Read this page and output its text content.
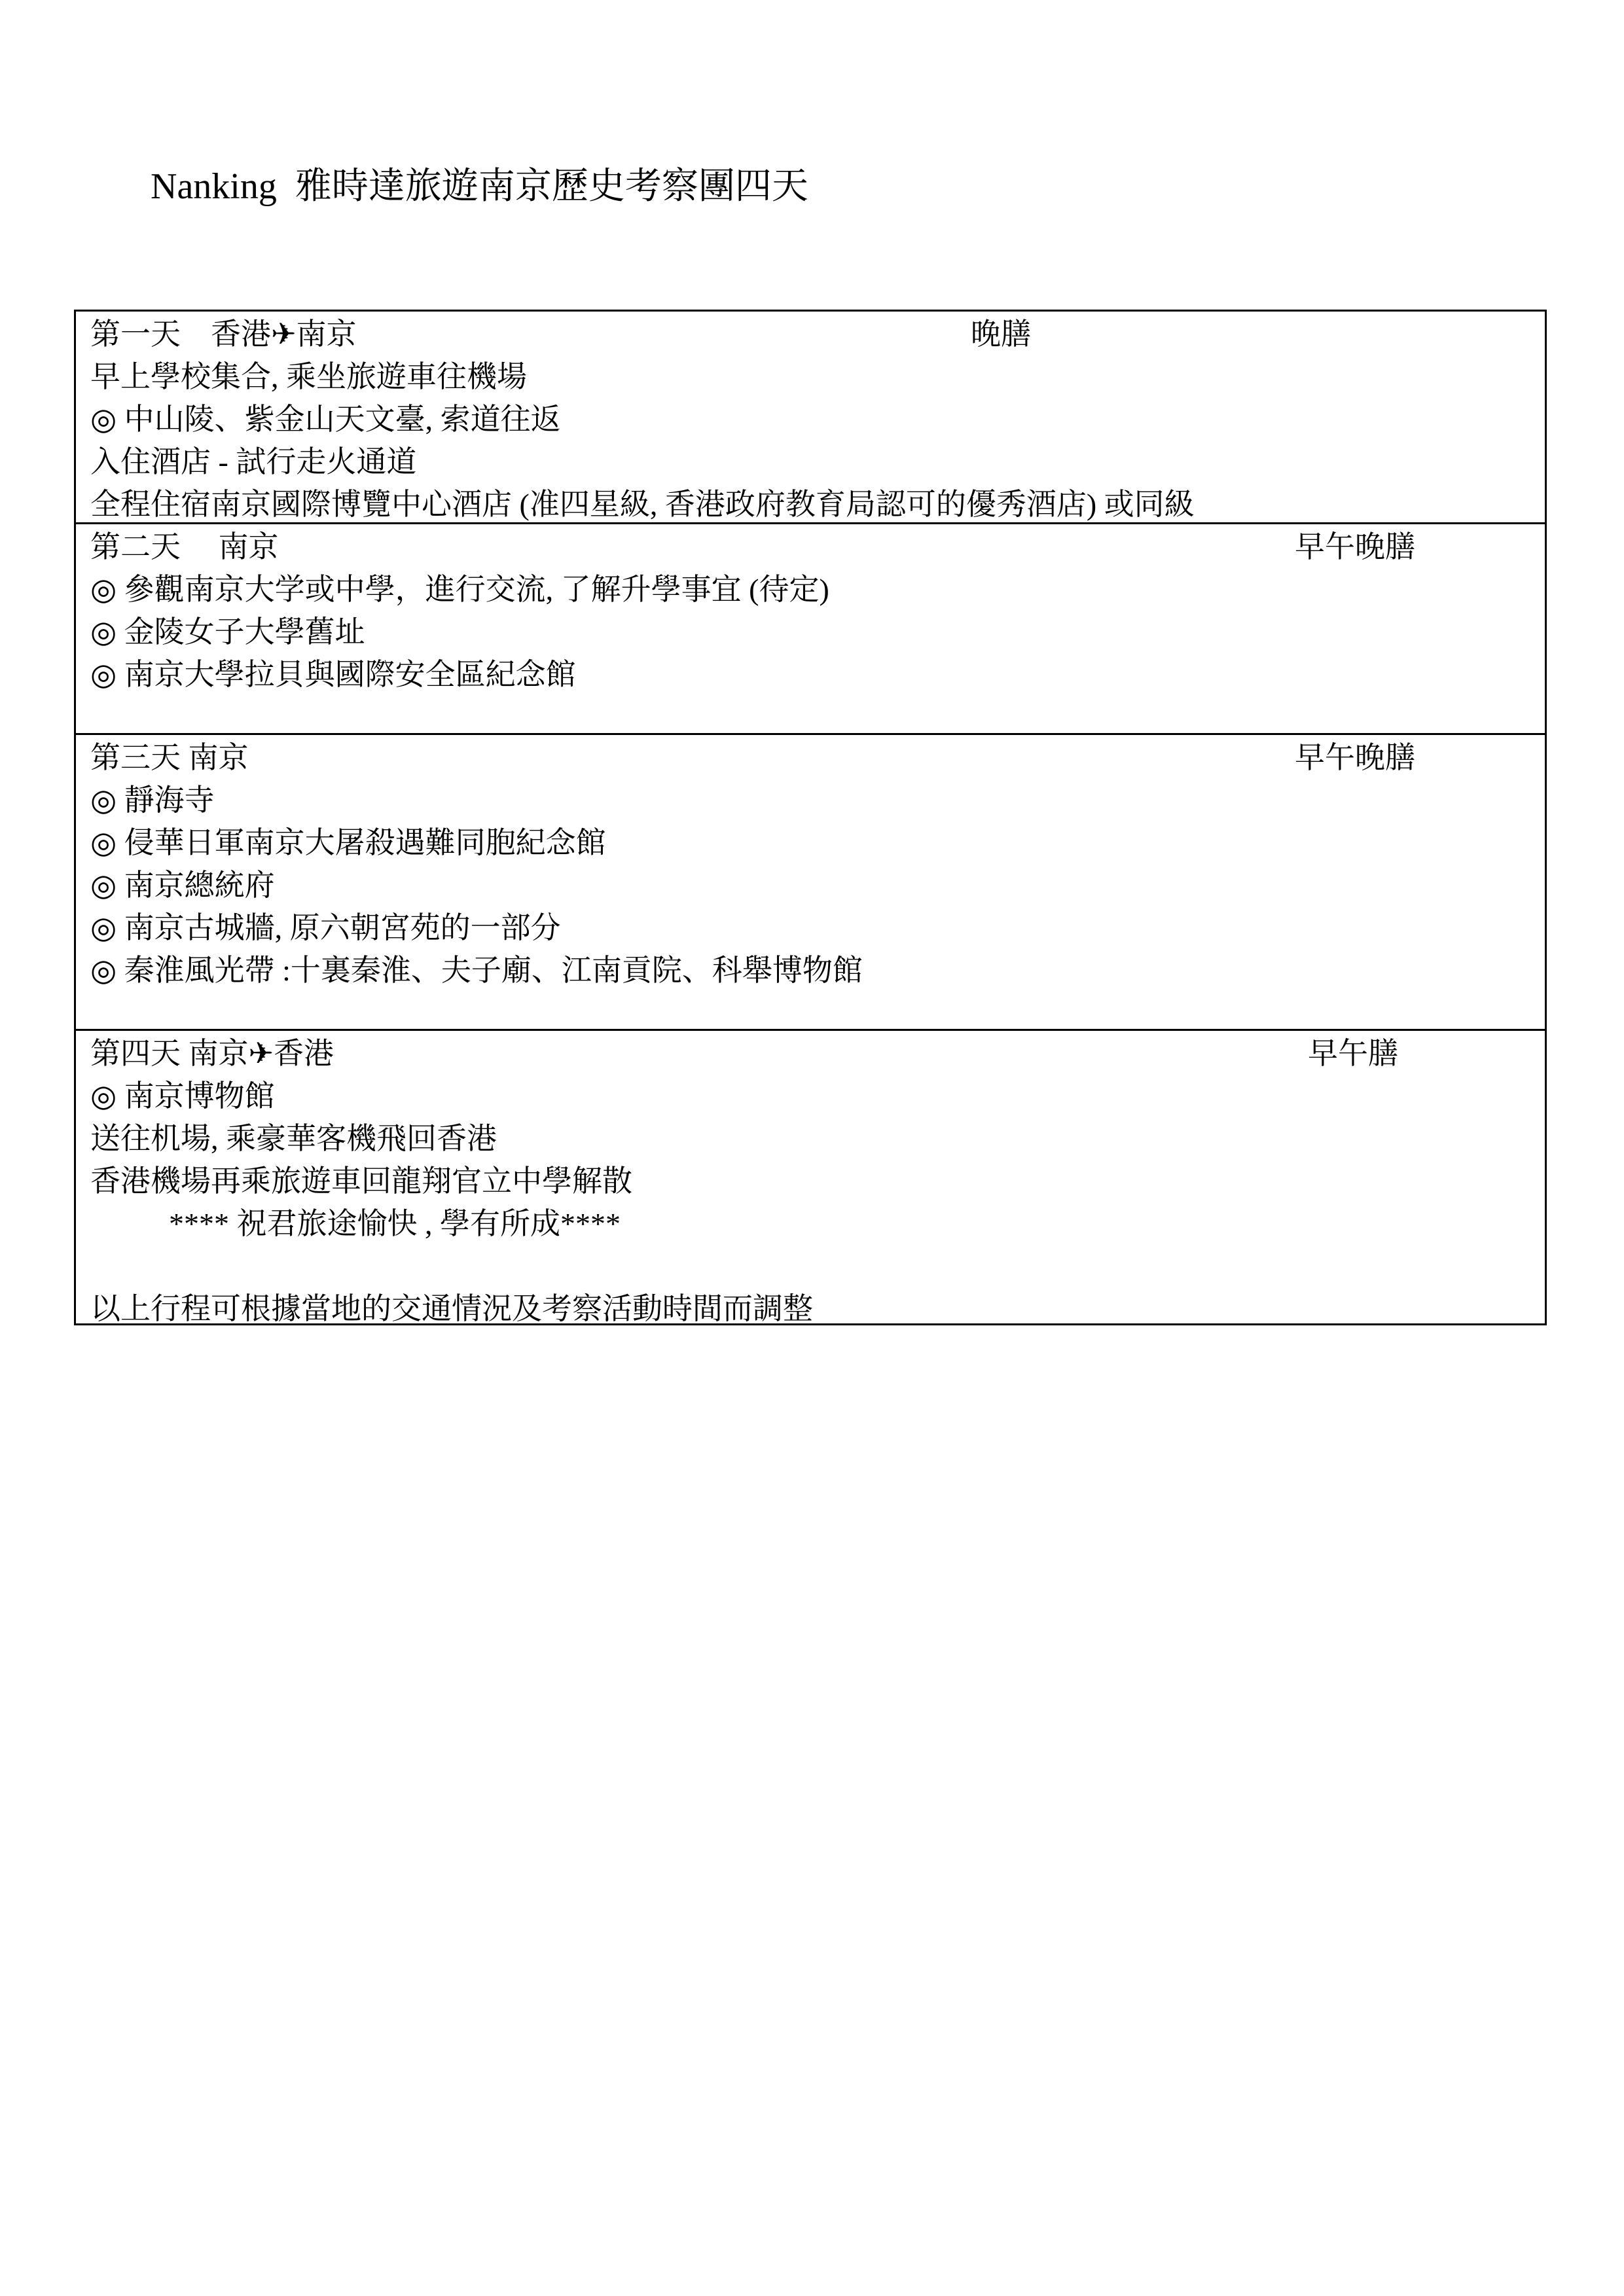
Nanking 雅時達旅遊南京歷史考察團四天
第一天　香港✈南京	晚膳
早上學校集合, 乘坐旅遊車往機場
◎ 中山陵、紫金山天文臺, 索道往返
入住酒店 - 試行走火通道
全程住宿南京國際博覽中心酒店 (准四星級, 香港政府教育局認可的優秀酒店) 或同級
第二天　 南京	早午晚膳
◎ 參觀南京大学或中學，進行交流, 了解升學事宜 (待定)
◎ 金陵女子大學舊址
◎ 南京大學拉貝與國際安全區紀念館
第三天 南京	早午晚膳
◎ 靜海寺
◎ 侵華日軍南京大屠殺遇難同胞紀念館
◎ 南京總統府
◎ 南京古城牆, 原六朝宮苑的一部分
◎ 秦淮風光帶 :十裏秦淮、夫子廟、江南貢院、科舉博物館
第四天 南京✈香港	早午膳
◎ 南京博物館
送往机場, 乘豪華客機飛回香港
香港機場再乘旅遊車回龍翔官立中學解散
**** 祝君旅途愉快 , 學有所成****
以上行程可根據當地的交通情況及考察活動時間而調整
